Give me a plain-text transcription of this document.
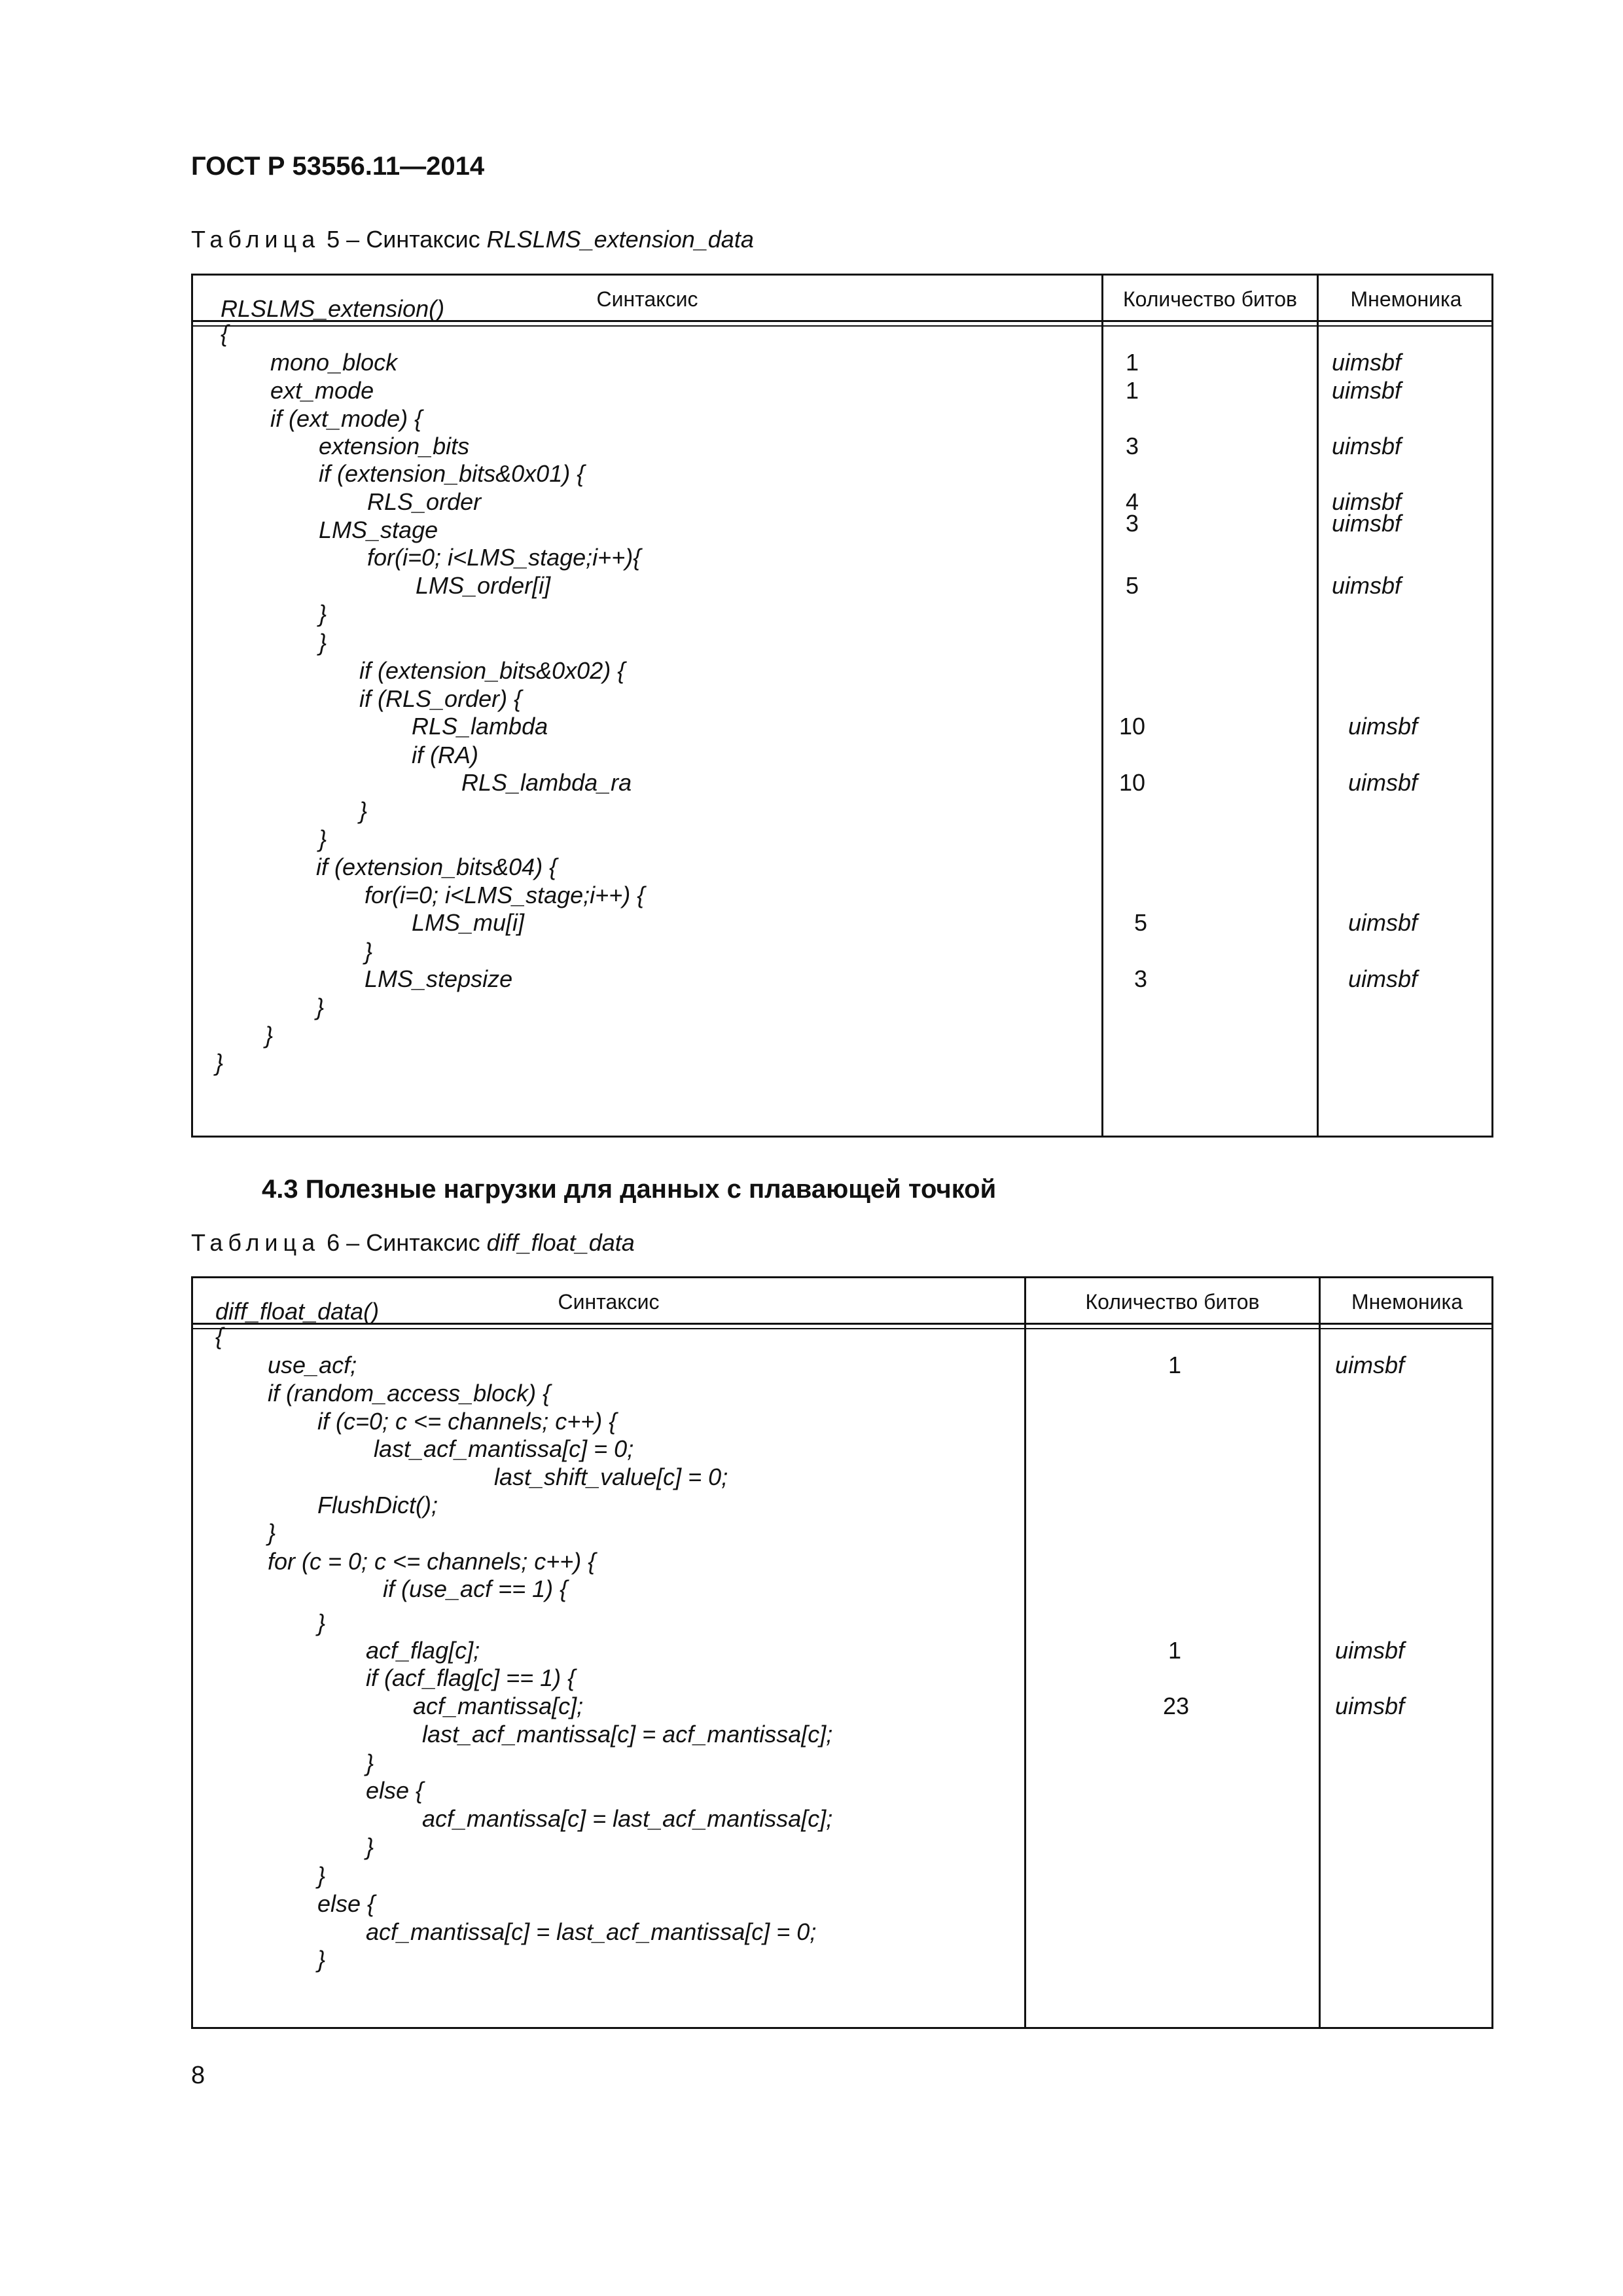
ГОСТ Р 53556.11—2014
Таблица 5 – Синтаксис RLSLMS_extension_data
Синтаксис	Количество битов	Мнемоника
RLSLMS_extension()
{
mono_block	1	uimsbf
ext_mode	1	uimsbf
if (ext_mode) {
extension_bits	3	uimsbf
if (extension_bits&0x01) {
RLS_order	4	uimsbf
LMS_stage	3	uimsbf
for(i=0; i<LMS_stage;i++){
LMS_order[i]	5	uimsbf
}
}
if (extension_bits&0x02) {
if (RLS_order) {
RLS_lambda	10	uimsbf
if (RA)
RLS_lambda_ra	10	uimsbf
}
}
if (extension_bits&04) {
for(i=0; i<LMS_stage;i++) {
LMS_mu[i]	5	uimsbf
}
LMS_stepsize	3	uimsbf
}
}
}
4.3 Полезные нагрузки для данных с плавающей точкой
Таблица 6 – Синтаксис diff_float_data
Синтаксис	Количество битов	Мнемоника
diff_float_data()
{
use_acf;	1	uimsbf
if (random_access_block) {
if (c=0; c <= channels; c++) {
last_acf_mantissa[c] = 0;
last_shift_value[c] = 0;
FlushDict();
}
for (c = 0; c <= channels; c++) {
if (use_acf == 1) {
}
acf_flag[c];	1	uimsbf
if (acf_flag[c] == 1) {
acf_mantissa[c];	23	uimsbf
last_acf_mantissa[c] = acf_mantissa[c];
}
else {
acf_mantissa[c] = last_acf_mantissa[c];
}
}
else {
acf_mantissa[c] = last_acf_mantissa[c] = 0;
}
8
